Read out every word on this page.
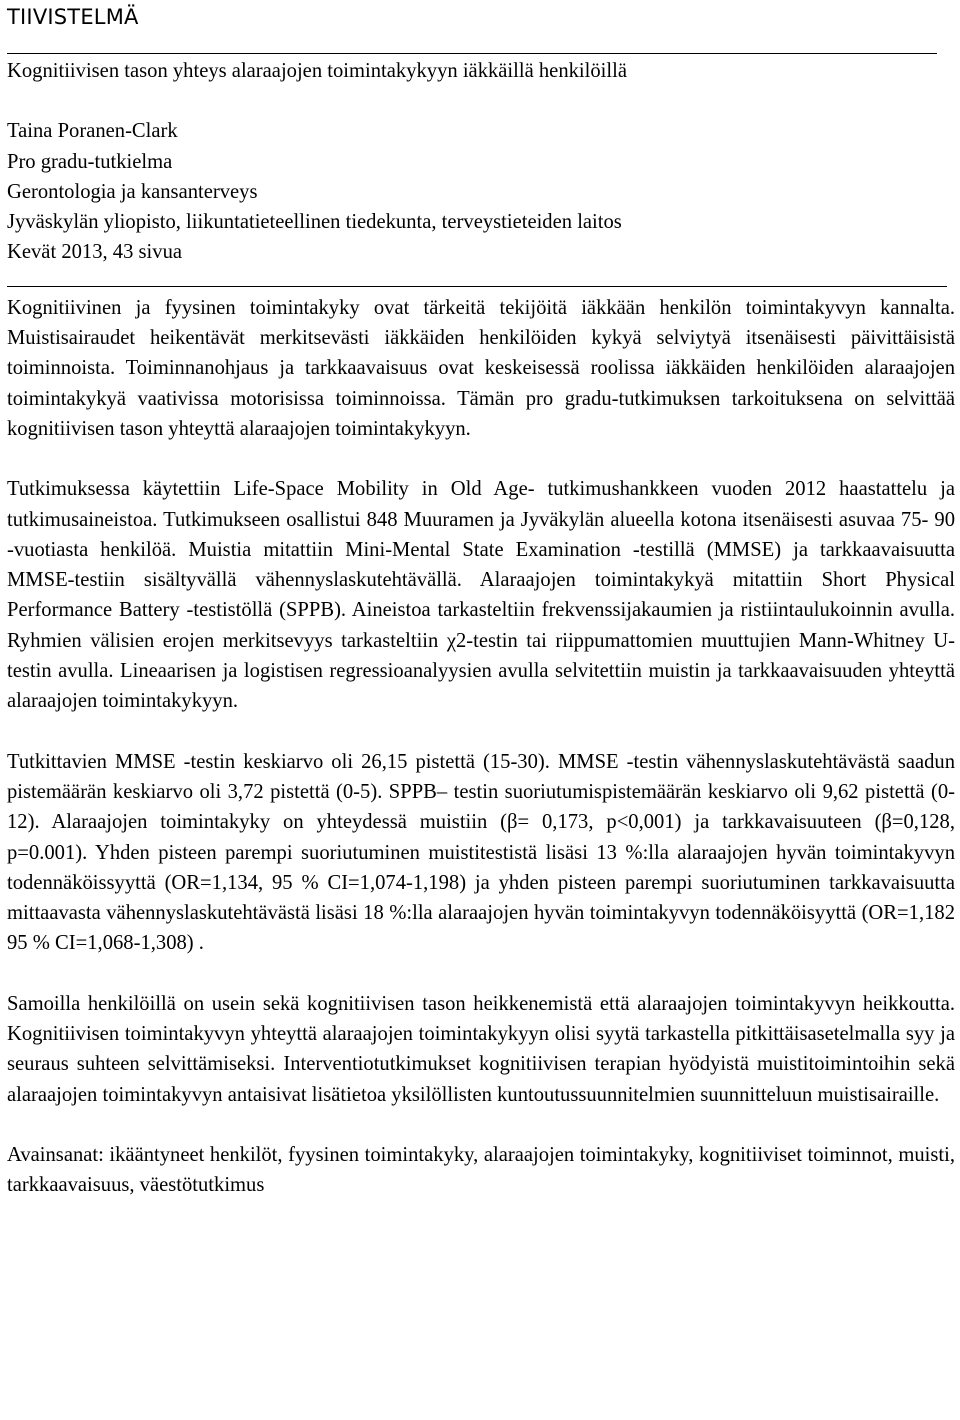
TIIVISTELMÄ
Kognitiivisen tason yhteys alaraajojen toimintakykyyn iäkkäillä henkilöillä
Taina Poranen-Clark
Pro gradu-tutkielma
Gerontologia ja kansanterveys
Jyväskylän yliopisto, liikuntatieteellinen tiedekunta, terveystieteiden laitos
Kevät 2013, 43 sivua

Kognitiivinen ja fyysinen toimintakyky ovat tärkeitä tekijöitä iäkkään henkilön toimintakyvyn kannalta. Muistisairaudet heikentävät merkitsevästi iäkkäiden henkilöiden kykyä selviytyä itsenäisesti päivittäisistä toiminnoista. Toiminnanohjaus ja tarkkaavaisuus ovat keskeisessä roolissa iäkkäiden henkilöiden alaraajojen toimintakykyä vaativissa motorisissa toiminnoissa. Tämän pro gradu-tutkimuksen tarkoituksena on selvittää kognitiivisen tason yhteyttä alaraajojen toimintakykyyn.

Tutkimuksessa käytettiin Life-Space Mobility in Old Age- tutkimushankkeen vuoden 2012 haastattelu ja tutkimusaineistoa. Tutkimukseen osallistui 848 Muuramen ja Jyväkylän alueella kotona itsenäisesti asuvaa 75- 90 -vuotiasta henkilöä. Muistia mitattiin Mini-Mental State Examination -testillä (MMSE) ja tarkkaavaisuutta MMSE-testiin sisältyvällä vähennyslaskutehtävällä. Alaraajojen toimintakykyä mitattiin Short Physical Performance Battery -testistöllä (SPPB). Aineistoa tarkasteltiin frekvenssijakaumien ja ristiintaulukoinnin avulla. Ryhmien välisien erojen merkitsevyys tarkasteltiin χ2-testin tai riippumattomien muuttujien Mann-Whitney U-testin avulla. Lineaarisen ja logistisen regressioanalyysien avulla selvitettiin muistin ja tarkkaavaisuuden yhteyttä alaraajojen toimintakykyyn.

Tutkittavien MMSE -testin keskiarvo oli 26,15 pistettä (15-30). MMSE -testin vähennyslaskutehtävästä saadun pistemäärän keskiarvo oli 3,72 pistettä (0-5). SPPB– testin suoriutumispistemäärän keskiarvo oli 9,62 pistettä (0-12). Alaraajojen toimintakyky on yhteydessä muistiin (β= 0,173, p<0,001) ja tarkkavaisuuteen (β=0,128, p=0.001). Yhden pisteen parempi suoriutuminen muistitestistä lisäsi 13 %:lla alaraajojen hyvän toimintakyvyn todennäköissyyttä (OR=1,134, 95 % CI=1,074-1,198) ja yhden pisteen parempi suoriutuminen tarkkavaisuutta mittaavasta vähennyslaskutehtävästä lisäsi 18 %:lla alaraajojen hyvän toimintakyvyn todennäköisyyttä (OR=1,182 95 % CI=1,068-1,308) .

Samoilla henkilöillä on usein sekä kognitiivisen tason heikkenemistä että alaraajojen toimintakyvyn heikkoutta. Kognitiivisen toimintakyvyn yhteyttä alaraajojen toimintakykyyn olisi syytä tarkastella pitkittäisasetelmalla syy ja seuraus suhteen selvittämiseksi. Interventiotutkimukset kognitiivisen terapian hyödyistä muistitoimintoihin sekä alaraajojen toimintakyvyn antaisivat lisätietoa yksilöllisten kuntoutussuunnitelmien suunnitteluun muistisairaille.

Avainsanat: ikääntyneet henkilöt, fyysinen toimintakyky, alaraajojen toimintakyky, kognitiiviset toiminnot, muisti, tarkkaavaisuus, väestötutkimus
